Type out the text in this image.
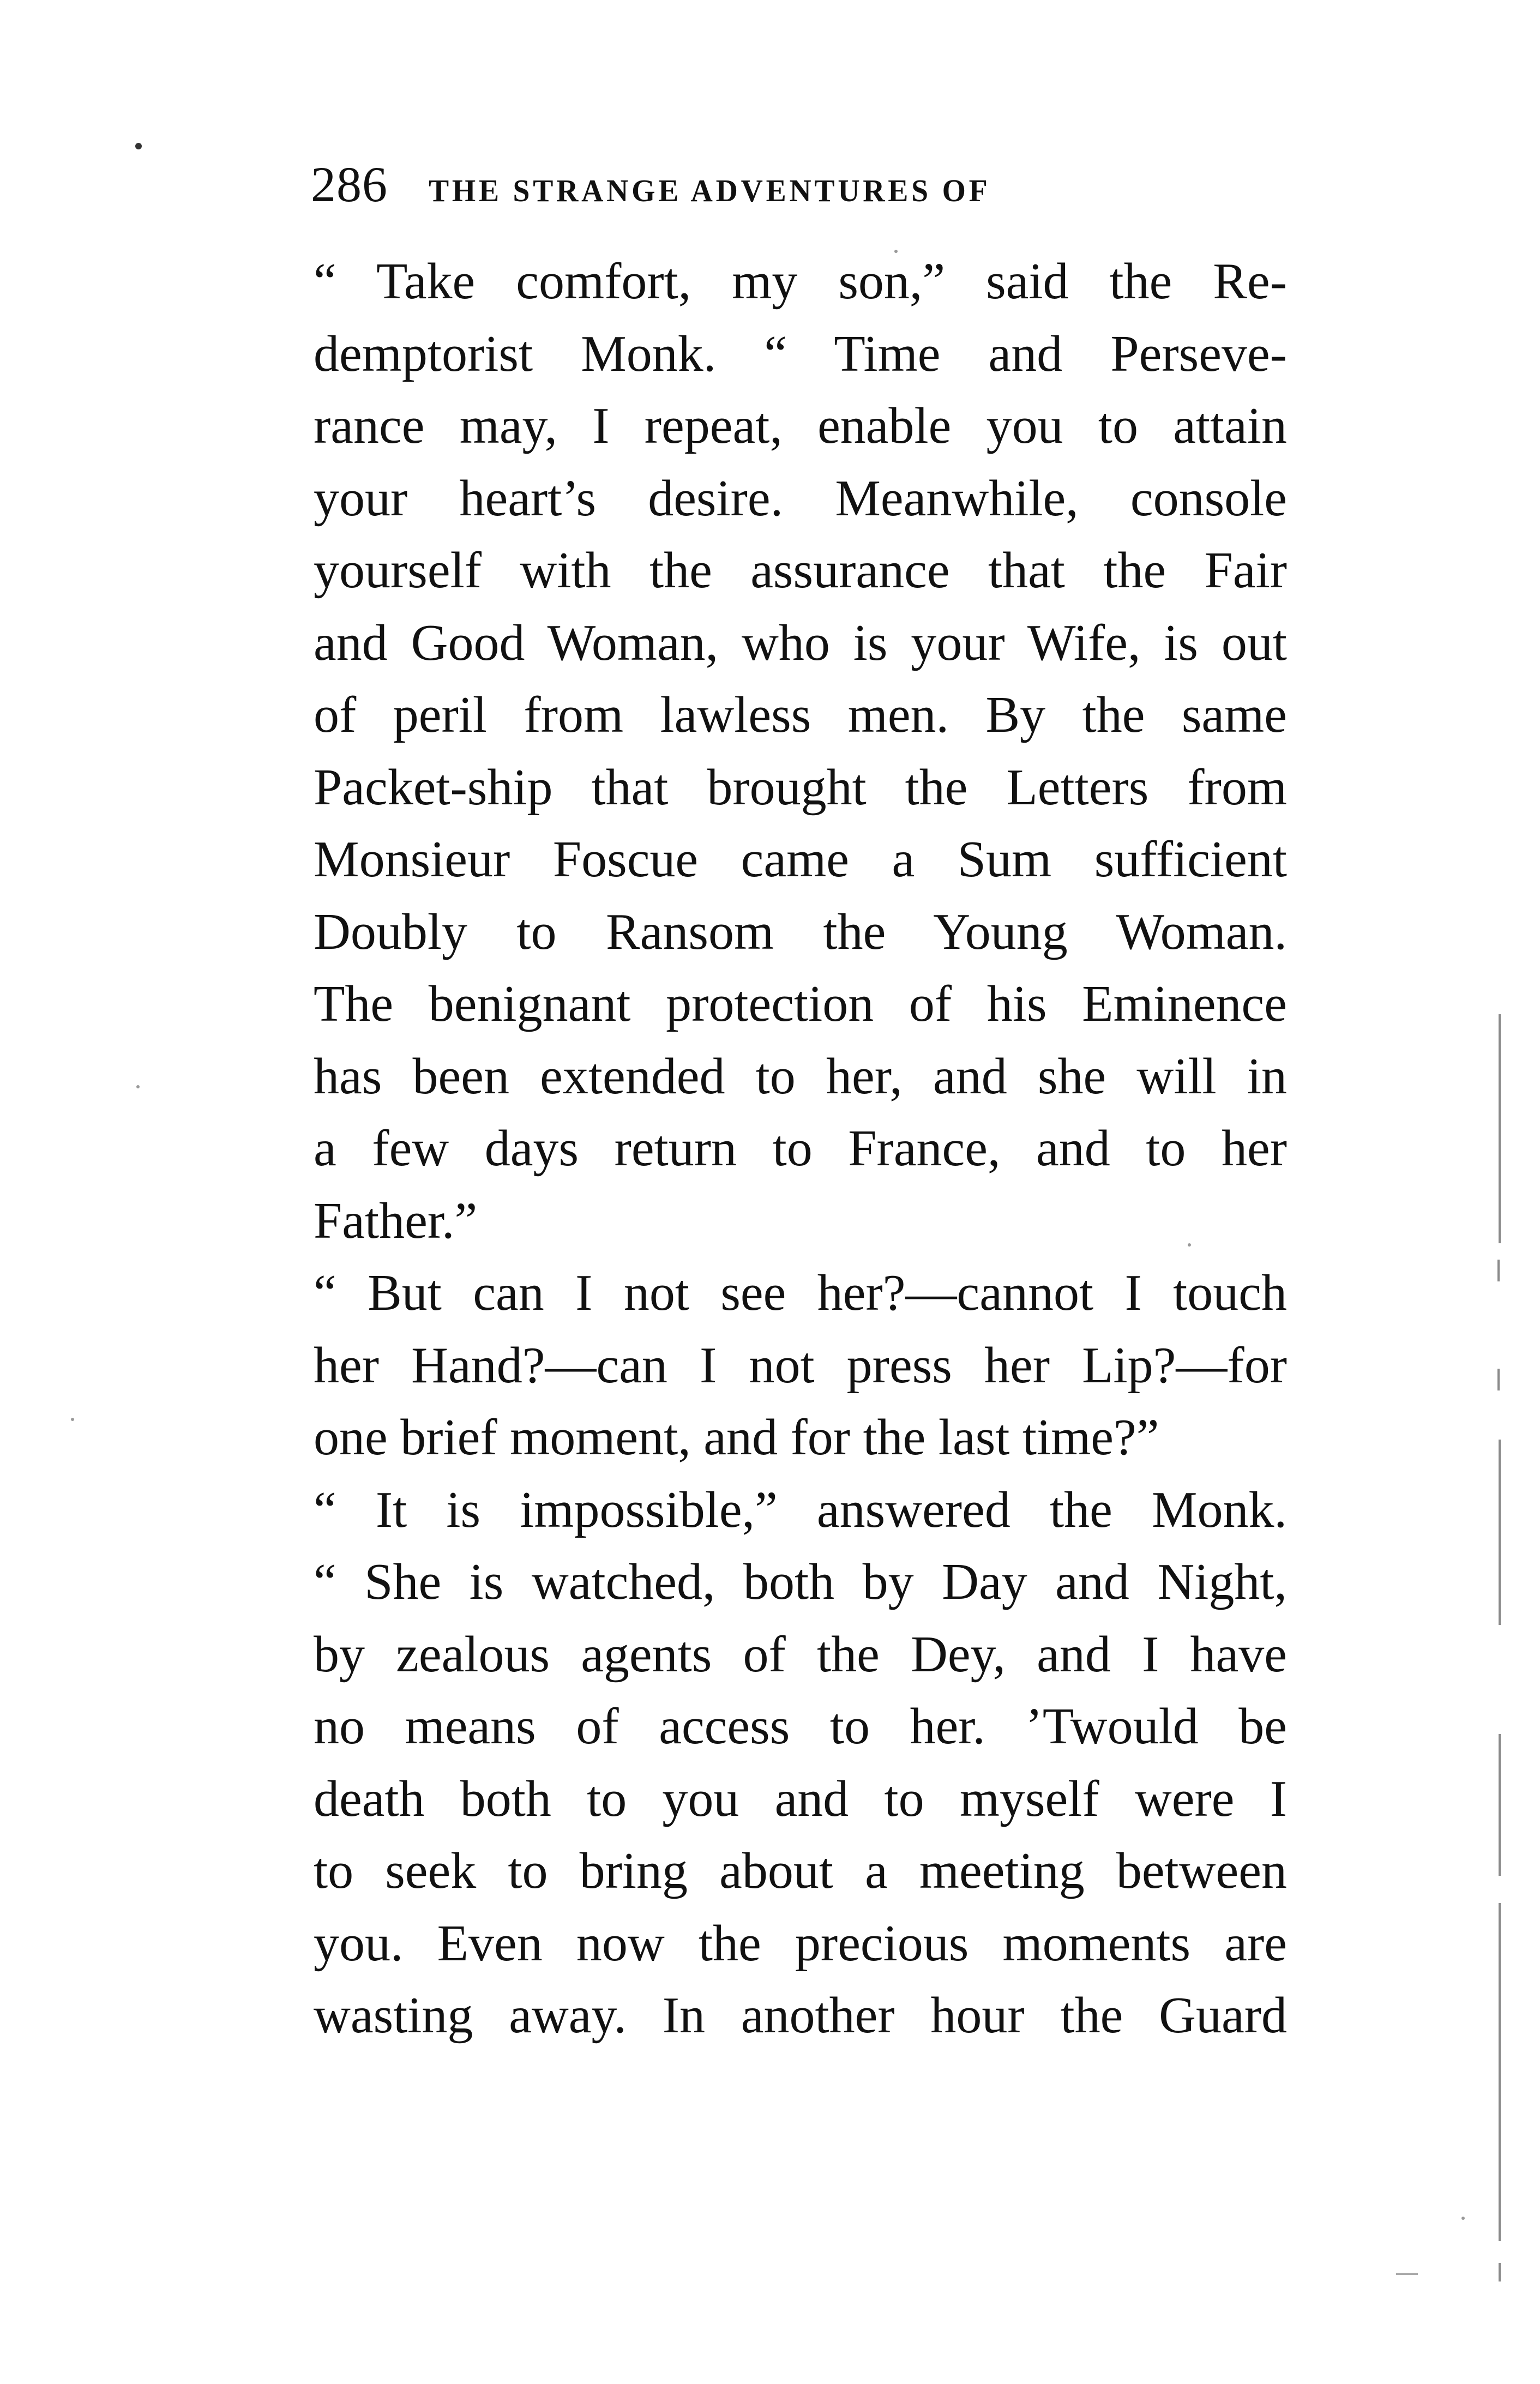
286 THE STRANGE ADVENTURES OF
“ Take comfort, my son,” said the Re-
demptorist Monk. “ Time and Perseve-
rance may, I repeat, enable you to attain
your heart’s desire. Meanwhile, console
yourself with the assurance that the Fair
and Good Woman, who is your Wife, is out
of peril from lawless men. By the same
Packet-ship that brought the Letters from
Monsieur Foscue came a Sum sufficient
Doubly to Ransom the Young Woman.
The benignant protection of his Eminence
has been extended to her, and she will in
a few days return to France, and to her
Father.”
“ But can I not see her?—cannot I touch
her Hand?—can I not press her Lip?—for
one brief moment, and for the last time?”
“ It is impossible,” answered the Monk.
“ She is watched, both by Day and Night,
by zealous agents of the Dey, and I have
no means of access to her. ’Twould be
death both to you and to myself were I
to seek to bring about a meeting between
you. Even now the precious moments are
wasting away. In another hour the Guard
